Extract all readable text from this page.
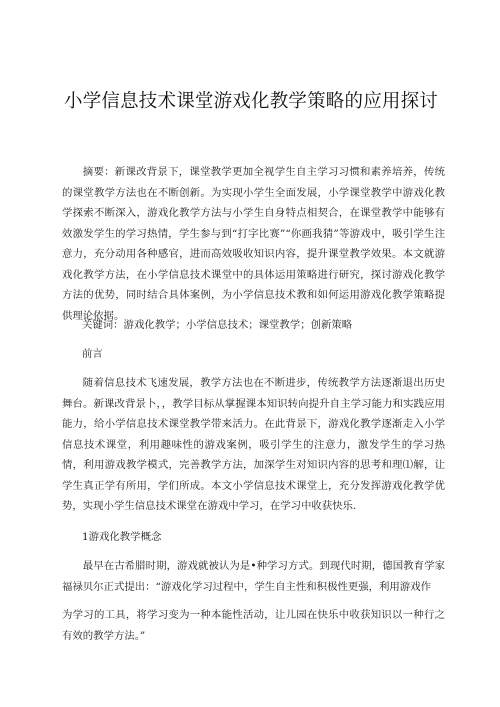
小学信息技术课堂游戏化教学策略的应用探讨
摘要：新课改背景下，课堂教学更加全视学生自主学习习惯和素养培养，传统的课堂教学方法也在不断创新。为实现小学生全面发展，小学课堂教学中游戏化教学探索不断深入，游戏化教学方法与小学生自身特点相契合，在课堂教学中能够有效激发学生的学习热情，学生参与到“打字比赛”“你画我猜”等游戏中，吸引学生注意力，充分动用各种感官，进而高效吸收知识内容，提升课堂教学效果。本文就游戏化教学方法，在小学信息技术课堂中的具体运用策略进行研究，探讨游戏化教学方法的优势，同时结合具体案例，为小学信息技术教和如何运用游戏化教学策略提供理论依据。
关键词：游戏化教学；小学信息技术；课堂教学；创新策略
前言
随着信息技术飞速发展，教学方法也在不断进步，传统教学方法逐渐退出历史舞台。新课改背景卜，，教学目标从掌握课本知识转向提升自主学习能力和实践应用能力，给小学信息技术课堂教学带来活力。在此背景下，游戏化教学逐渐走入小学信息技术课堂，利用趣味性的游戏案例，吸引学生的注意力，激发学生的学习热情，利用游戏教学模式，完善教学方法，加深学生对知识内容的思考和理⑴解，让学生真正学有所用，学们所成。本文小学信息技术课堂上，充分发挥游戏化教学优势，实现小学生信息技术课堂在游戏中学习，在学习中收获快乐.
1游戏化教学概念
最早在古希腊时期，游戏就被认为是•种学习方式。到现代时期，德国教育学家福禄贝尔正式提出：“游戏化学习过程中，学生自主性和积极性更强，利用游戏作
为学习的工具，将学习变为一种本能性活动，让儿园在快乐中收获知识以一种行之有效的教学方法。”
